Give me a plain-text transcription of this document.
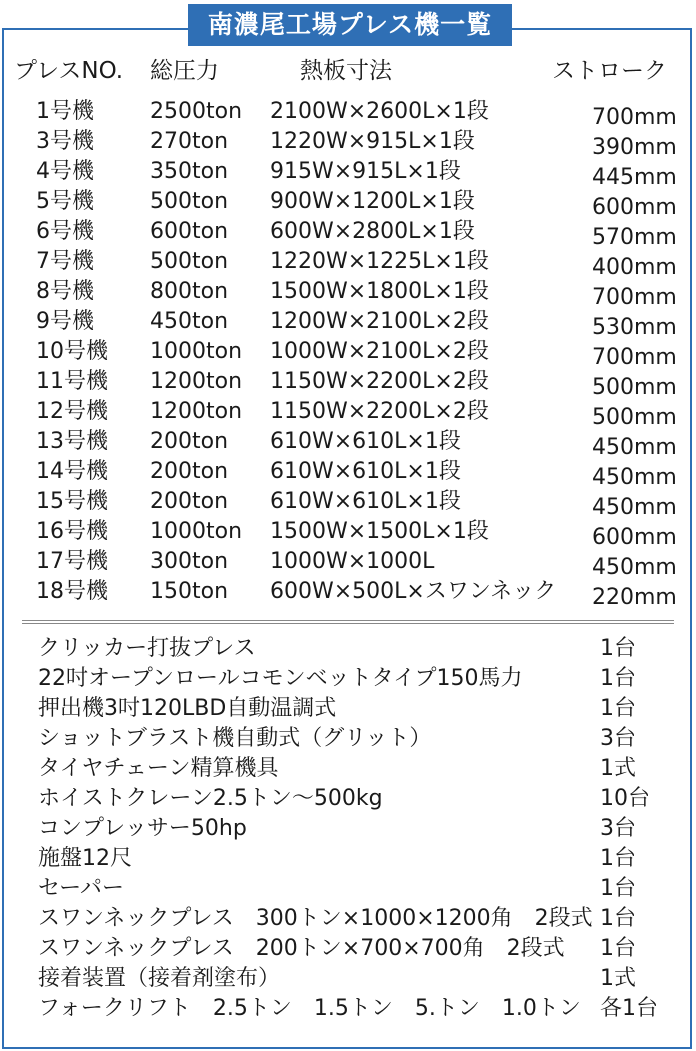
南濃尾工場プレス機一覧
プレスNO. 総圧力	熱板寸法	ストローク
1号機	2500ton 2100W×2600L×1段	700mm
3号機	270ton 1220W×915L×1段	390mm
4号機	350ton 915W×915L×1段	445mm
5号機	500ton 900W×1200L×1段	600mm
6号機	600ton 600W×2800L×1段	570mm
7号機	500ton 1220W×1225L×1段	400mm
8号機	800ton 1500W×1800L×1段	700mm
9号機	450ton 1200W×2100L×2段	530mm
10号機 1000ton 1000W×2100L×2段	700mm
11号機 1200ton 1150W×2200L×2段	500mm
12号機 1200ton 1150W×2200L×2段	500mm
13号機 200ton 610W×610L×1段	450mm
14号機 200ton 610W×610L×1段	450mm
15号機 200ton 610W×610L×1段	450mm
16号機 1000ton 1500W×1500L×1段	600mm
17号機 300ton 1000W×1000L	450mm
18号機 150ton 600W×500L×スワンネック 220mm
クリッカー打抜プレス	1台
22吋オープンロールコモンベットタイプ150馬力	1台
押出機3吋120LBD自動温調式	1台
ショットブラスト機自動式（グリット）	3台
タイヤチェーン精算機具	1式
ホイストクレーン2.5トン～500kg	10台
コンプレッサー50hp	3台
施盤12尺	1台
セーパー	1台
スワンネックプレス　300トン×1000×1200角　2段式 1台
スワンネックプレス　200トン×700×700角　2段式 1台
接着装置（接着剤塗布）	1式
フォークリフト　2.5トン　1.5トン　5.トン　1.0トン 各1台
